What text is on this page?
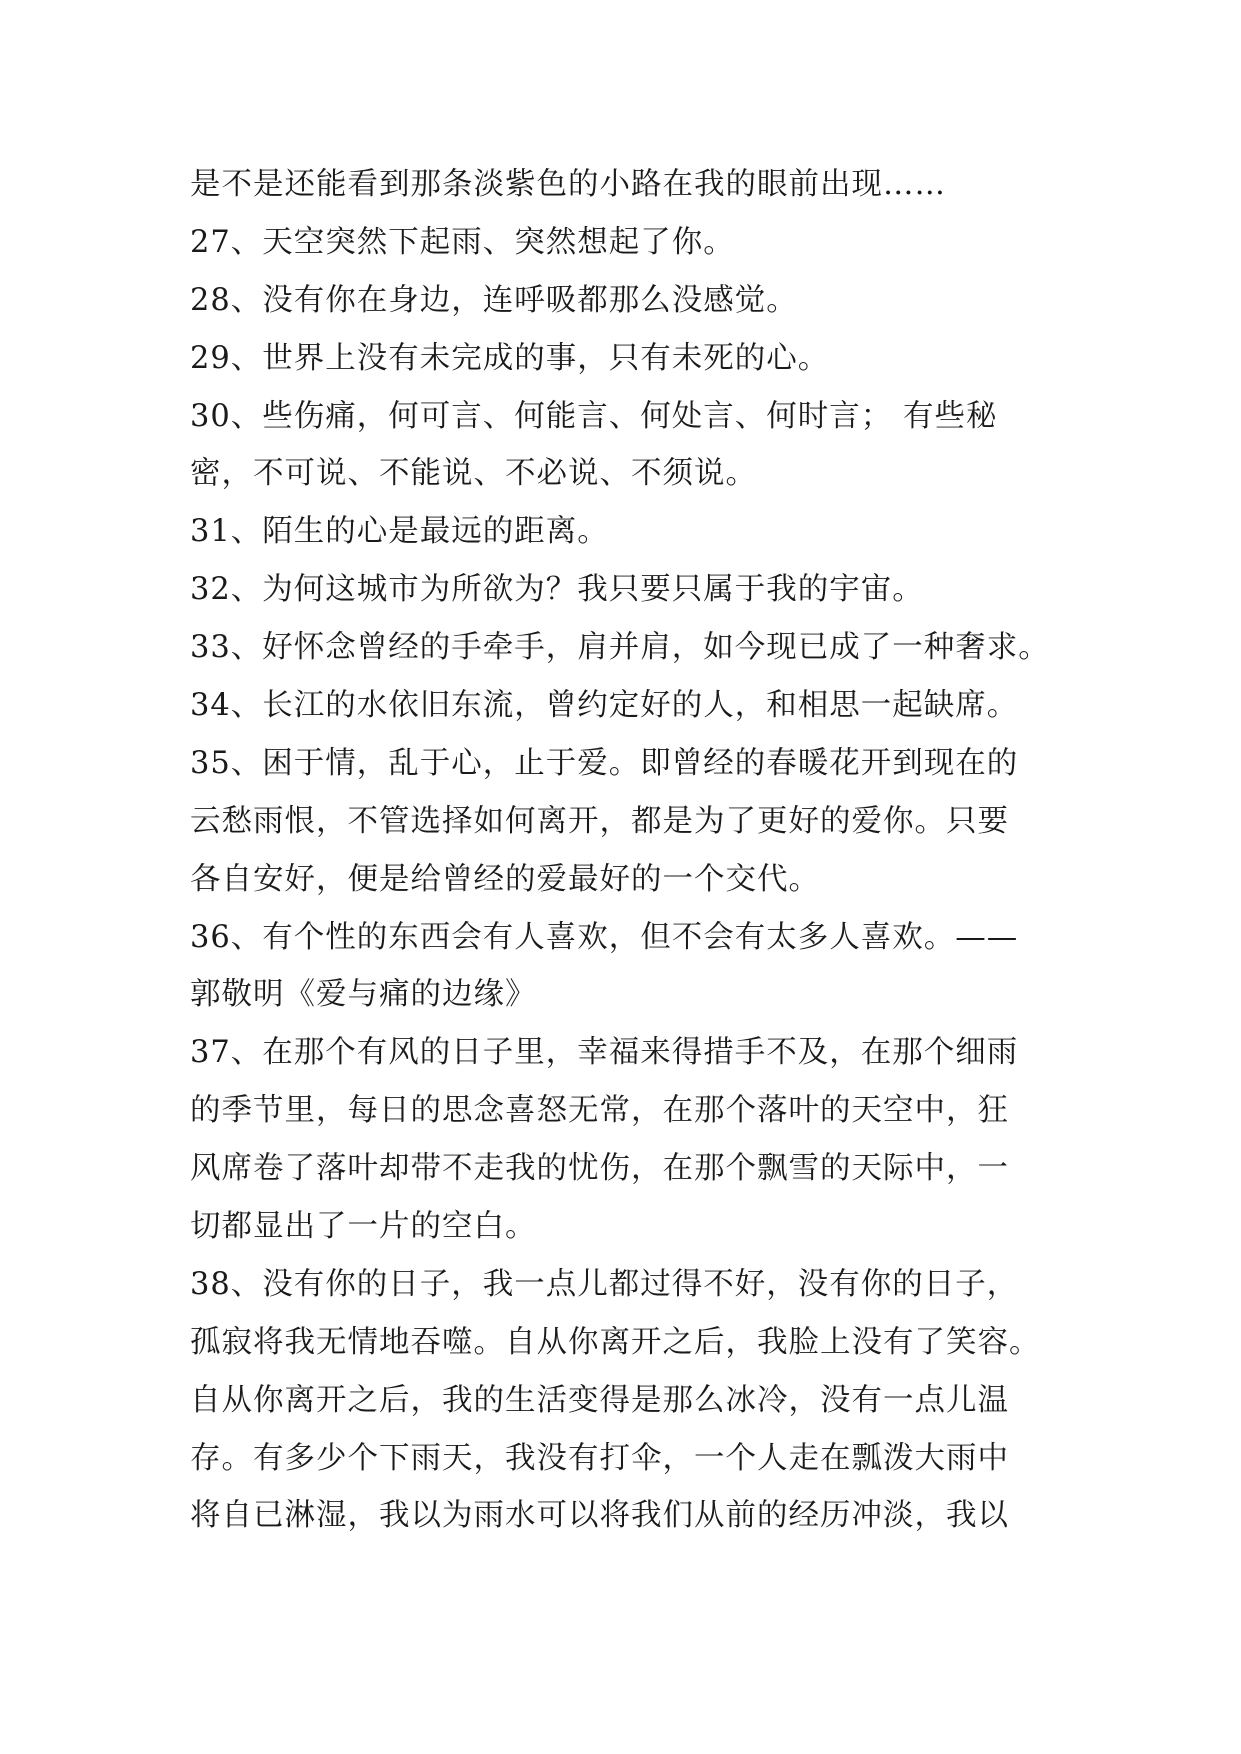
是不是还能看到那条淡紫色的小路在我的眼前出现……
27、天空突然下起雨、突然想起了你。
28、没有你在身边，连呼吸都那么没感觉。
29、世界上没有未完成的事，只有未死的心。
30、些伤痛，何可言、何能言、何处言、何时言； 有些秘
密，不可说、不能说、不必说、不须说。
31、陌生的心是最远的距离。
32、为何这城市为所欲为？我只要只属于我的宇宙。
33、好怀念曾经的手牵手，肩并肩，如今现已成了一种奢求。
34、长江的水依旧东流，曾约定好的人，和相思一起缺席。
35、困于情，乱于心，止于爱。即曾经的春暖花开到现在的
云愁雨恨，不管选择如何离开，都是为了更好的爱你。只要
各自安好，便是给曾经的爱最好的一个交代。
36、有个性的东西会有人喜欢，但不会有太多人喜欢。——
郭敬明《爱与痛的边缘》
37、在那个有风的日子里，幸福来得措手不及，在那个细雨
的季节里，每日的思念喜怒无常，在那个落叶的天空中，狂
风席卷了落叶却带不走我的忧伤，在那个飘雪的天际中，一
切都显出了一片的空白。
38、没有你的日子，我一点儿都过得不好，没有你的日子，
孤寂将我无情地吞噬。自从你离开之后，我脸上没有了笑容。
自从你离开之后，我的生活变得是那么冰冷，没有一点儿温
存。有多少个下雨天，我没有打伞，一个人走在瓢泼大雨中
将自已淋湿，我以为雨水可以将我们从前的经历冲淡，我以
